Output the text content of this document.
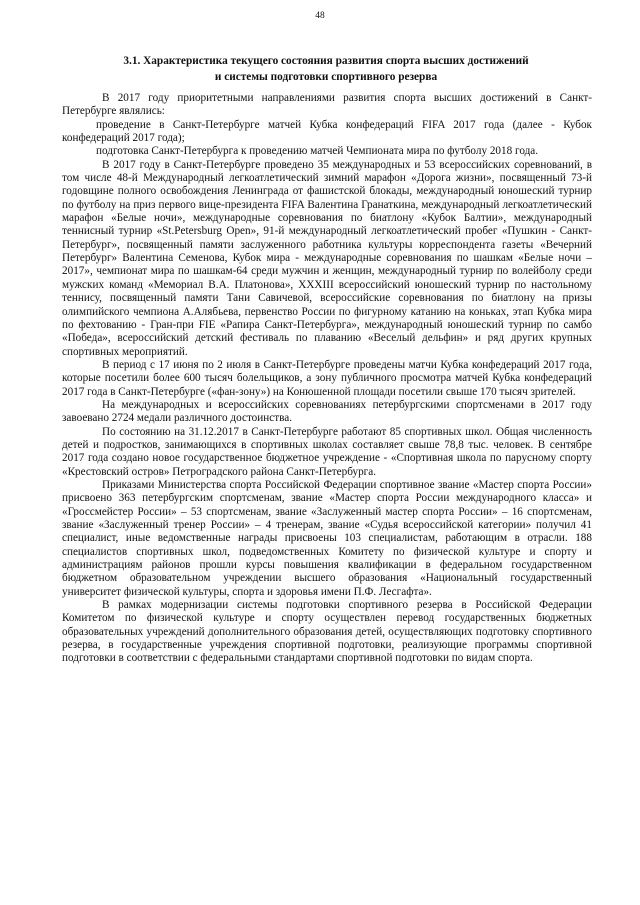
48
3.1. Характеристика текущего состояния развития спорта высших достижений
и системы подготовки спортивного резерва

В 2017 году приоритетными направлениями развития спорта высших достижений в Санкт-Петербурге являлись:

проведение в Санкт-Петербурге матчей Кубка конфедераций FIFA 2017 года (далее - Кубок конфедераций 2017 года);

подготовка Санкт-Петербурга к проведению матчей Чемпионата мира по футболу 2018 года.

В 2017 году в Санкт-Петербурге проведено 35 международных и 53 всероссийских соревнований, в том числе 48-й Международный легкоатлетический зимний марафон «Дорога жизни», посвященный 73-й годовщине полного освобождения Ленинграда от фашистской блокады, международный юношеский турнир по футболу на приз первого вице-президента FIFA Валентина Гранаткина, международный легкоатлетический марафон «Белые ночи», международные соревнования по биатлону «Кубок Балтии», международный теннисный турнир «St.Petersburg Open», 91-й международный легкоатлетический пробег «Пушкин - Санкт-Петербург», посвященный памяти заслуженного работника культуры корреспондента газеты «Вечерний Петербург» Валентина Семенова, Кубок мира - международные соревнования по шашкам «Белые ночи – 2017», чемпионат мира по шашкам-64 среди мужчин и женщин, международный турнир по волейболу среди мужских команд «Мемориал В.А. Платонова», XXXIII всероссийский юношеский турнир по настольному теннису, посвященный памяти Тани Савичевой, всероссийские соревнования по биатлону на призы олимпийского чемпиона А.Алябьева, первенство России по фигурному катанию на коньках, этап Кубка мира по фехтованию - Гран-при FIE «Рапира Санкт-Петербурга», международный юношеский турнир по самбо «Победа», всероссийский детский фестиваль по плаванию «Веселый дельфин» и ряд других крупных спортивных мероприятий.

В период с 17 июня по 2 июля в Санкт-Петербурге проведены матчи Кубка конфедераций 2017 года, которые посетили более 600 тысяч болельщиков, а зону публичного просмотра матчей Кубка конфедераций 2017 года в Санкт-Петербурге («фан-зону») на Конюшенной площади посетили свыше 170 тысяч зрителей.

На международных и всероссийских соревнованиях петербургскими спортсменами в 2017 году завоевано 2724 медали различного достоинства.

По состоянию на 31.12.2017 в Санкт-Петербурге работают 85 спортивных школ. Общая численность детей и подростков, занимающихся в спортивных школах составляет свыше 78,8 тыс. человек. В сентябре 2017 года создано новое государственное бюджетное учреждение - «Спортивная школа по парусному спорту «Крестовский остров» Петроградского района Санкт-Петербурга.

Приказами Министерства спорта Российской Федерации спортивное звание «Мастер спорта России» присвоено 363 петербургским спортсменам, звание «Мастер спорта России международного класса» и «Гроссмейстер России» – 53 спортсменам, звание «Заслуженный мастер спорта России» – 16 спортсменам, звание «Заслуженный тренер России» – 4 тренерам, звание «Судья всероссийской категории» получил 41 специалист, иные ведомственные награды присвоены 103 специалистам, работающим в отрасли. 188 специалистов спортивных школ, подведомственных Комитету по физической культуре и спорту и администрациям районов прошли курсы повышения квалификации в федеральном государственном бюджетном образовательном учреждении высшего образования «Национальный государственный университет физической культуры, спорта и здоровья имени П.Ф. Лесгафта».

В рамках модернизации системы подготовки спортивного резерва в Российской Федерации Комитетом по физической культуре и спорту осуществлен перевод государственных бюджетных образовательных учреждений дополнительного образования детей, осуществляющих подготовку спортивного резерва, в государственные учреждения спортивной подготовки, реализующие программы спортивной подготовки в соответствии с федеральными стандартами спортивной подготовки по видам спорта.
